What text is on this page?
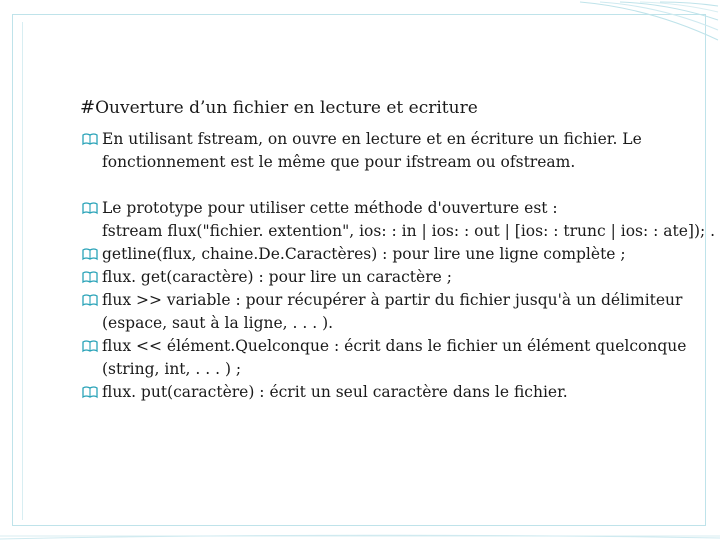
#Ouverture d’un fichier en lecture et ecriture
En utilisant fstream, on ouvre en lecture et en écriture un fichier. Le
fonctionnement est le même que pour ifstream ou ofstream.
Le prototype pour utiliser cette méthode d'ouverture est :
fstream flux("fichier. extention", ios: : in | ios: : out | [ios: : trunc | ios: : ate]); .
getline(flux, chaine.De.Caractères) : pour lire une ligne complète ;
flux. get(caractère) : pour lire un caractère ;
flux >> variable : pour récupérer à partir du fichier jusqu'à un délimiteur
(espace, saut à la ligne, . . . ).
flux << élément.Quelconque : écrit dans le fichier un élément quelconque
(string, int, . . . ) ;
flux. put(caractère) : écrit un seul caractère dans le fichier.
